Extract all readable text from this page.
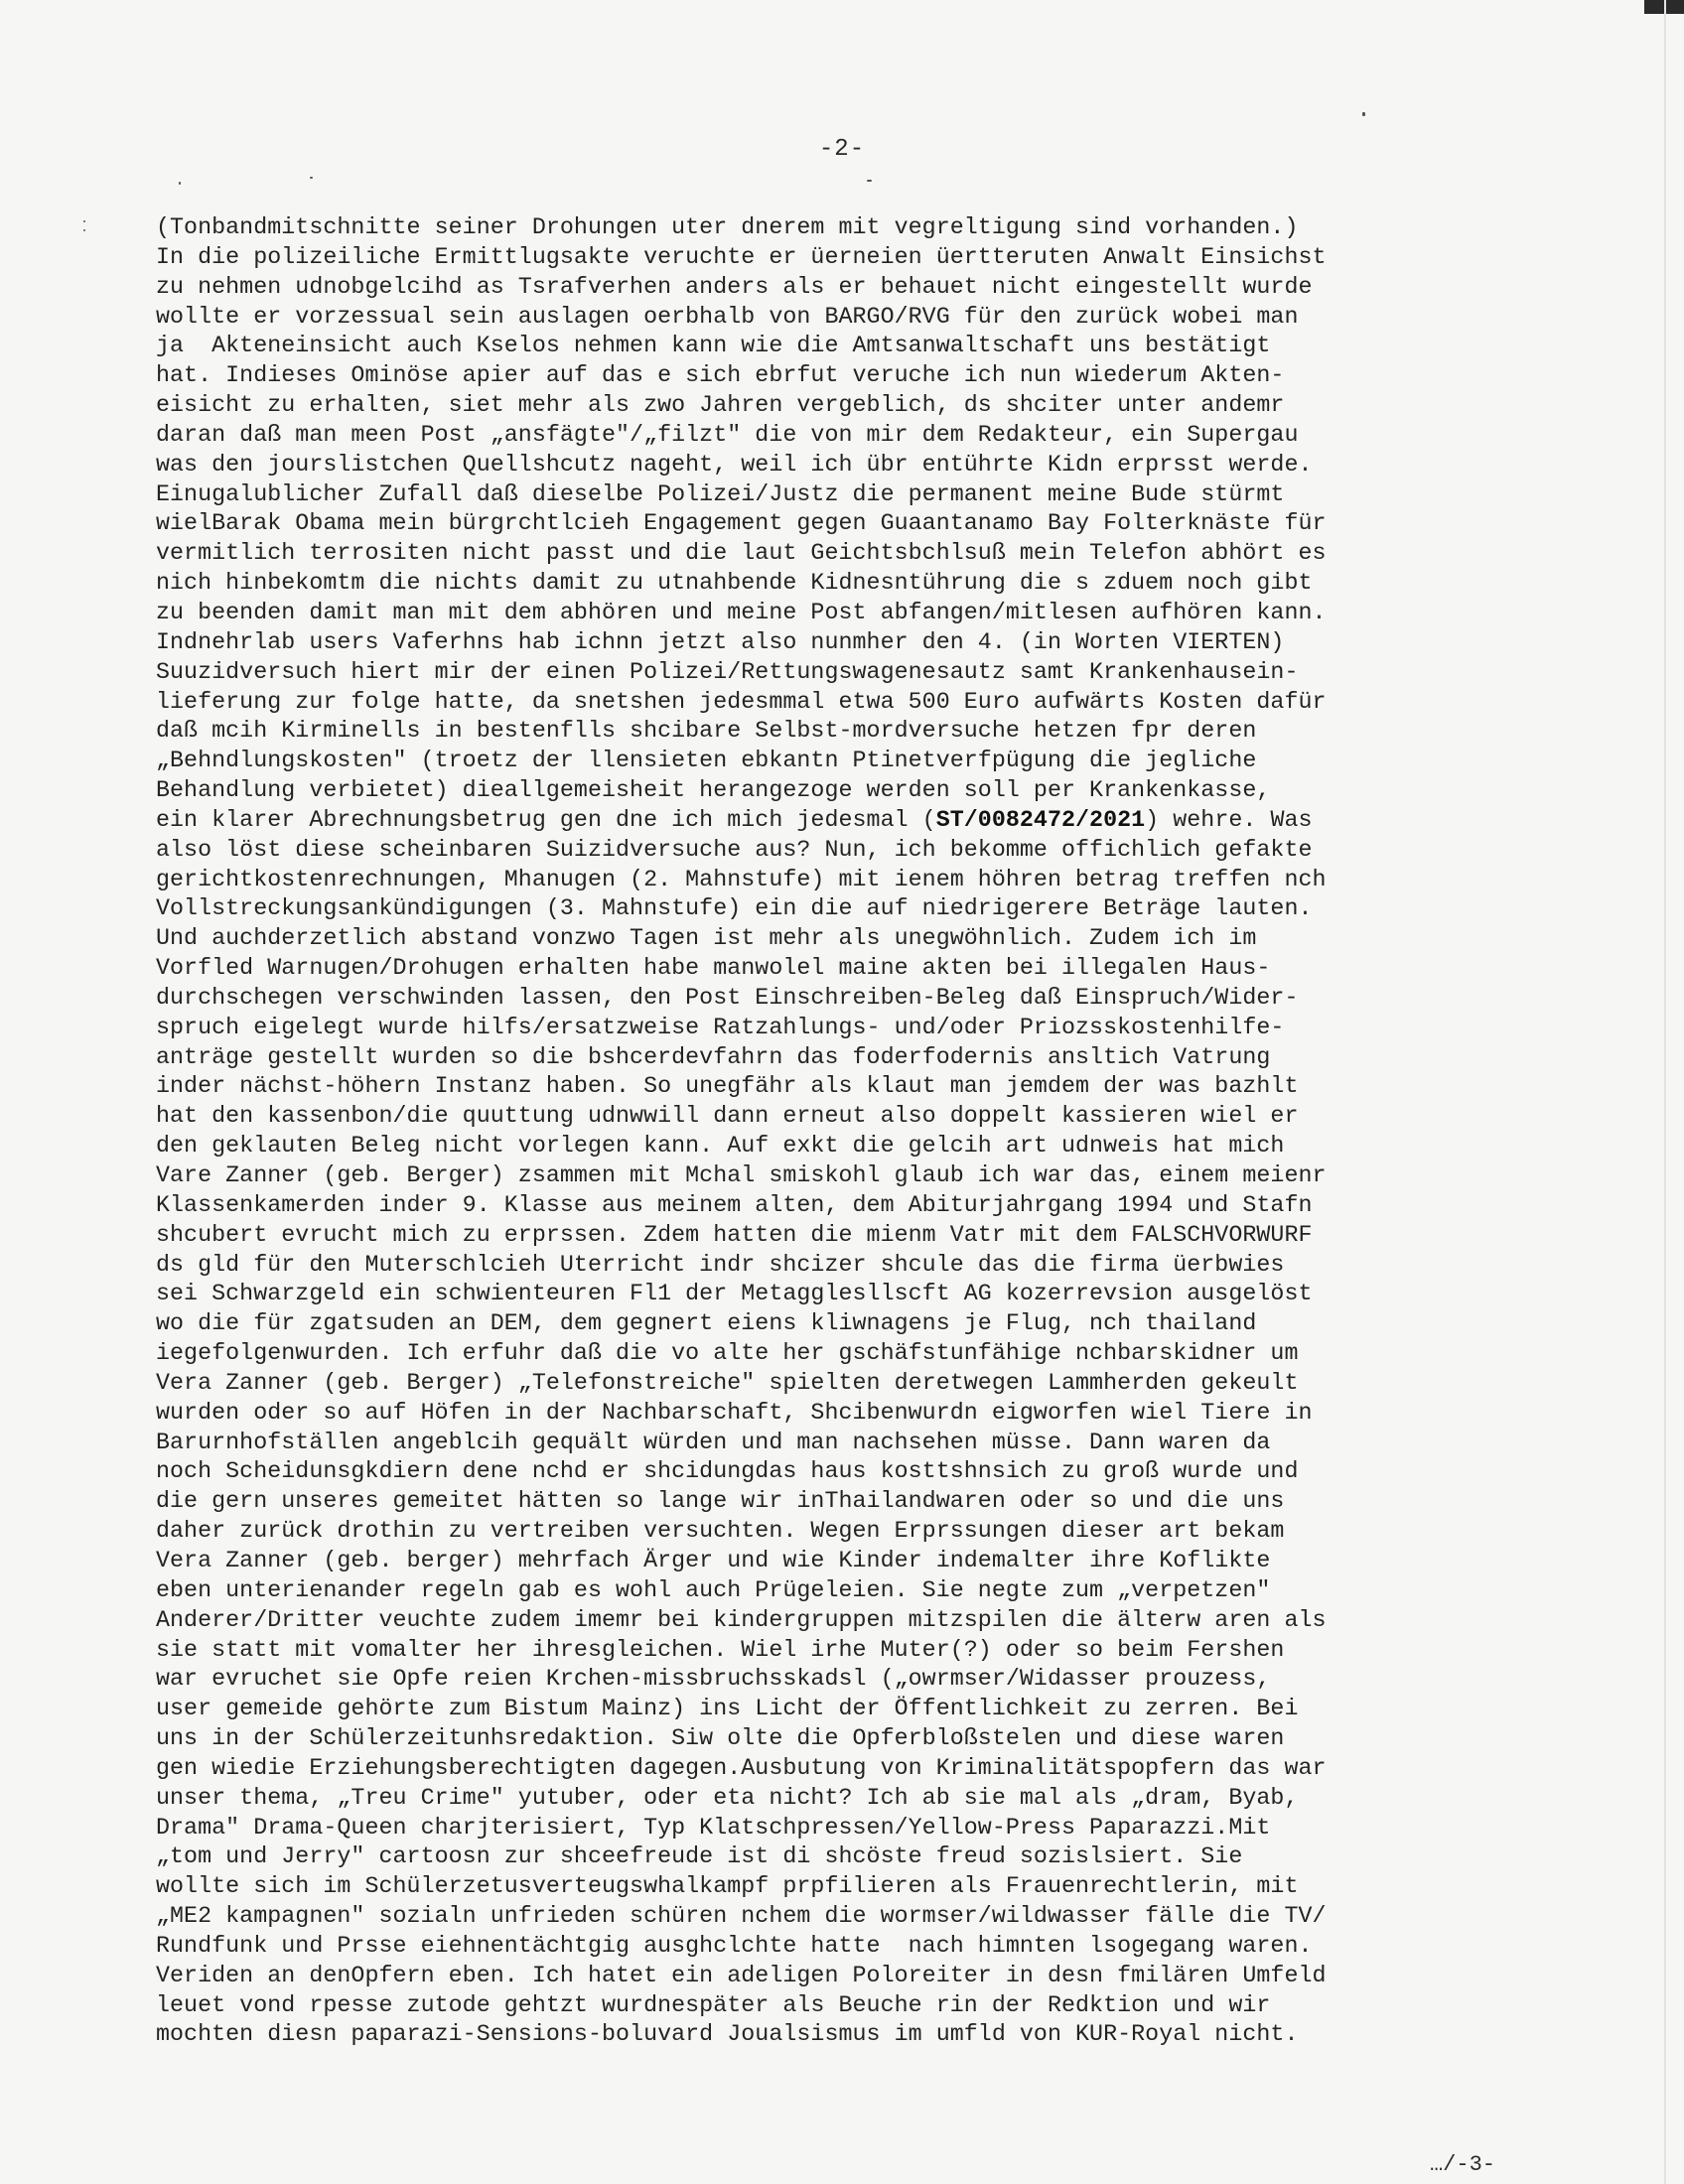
-2-
(Tonbandmitschnitte seiner Drohungen uter dnerem mit vegreltigung sind vorhanden.)
In die polizeiliche Ermittlugsakte veruchte er üerneien üertteruten Anwalt Einsichst
zu nehmen udnobgelcihd as Tsrafverhen anders als er behauet nicht eingestellt wurde
wollte er vorzessual sein auslagen oerbhalb von BARGO/RVG für den zurück wobei man
ja  Akteneinsicht auch Kselos nehmen kann wie die Amtsanwaltschaft uns bestätigt
hat. Indieses Ominöse apier auf das e sich ebrfut veruche ich nun wiederum Akten-
eisicht zu erhalten, siet mehr als zwo Jahren vergeblich, ds shciter unter andemr
daran daß man meen Post „ansfägte"/„filzt" die von mir dem Redakteur, ein Supergau
was den jourslistchen Quellshcutz nageht, weil ich übr entührte Kidn erprsst werde.
Einugalublicher Zufall daß dieselbe Polizei/Justz die permanent meine Bude stürmt
wielBarak Obama mein bürgrchtlcieh Engagement gegen Guaantanamo Bay Folterknäste für
vermitlich terrositen nicht passt und die laut Geichtsbchlsuß mein Telefon abhört es
nich hinbekomtm die nichts damit zu utnahbende Kidnesntührung die s zduem noch gibt
zu beenden damit man mit dem abhören und meine Post abfangen/mitlesen aufhören kann.
Indnehrlab users Vaferhns hab ichnn jetzt also nunmher den 4. (in Worten VIERTEN)
Suuzidversuch hiert mir der einen Polizei/Rettungswagenesautz samt Krankenhausein-
lieferung zur folge hatte, da snetshen jedesmmal etwa 500 Euro aufwärts Kosten dafür
daß mcih Kirminells in bestenflls shcibare Selbst-mordversuche hetzen fpr deren
„Behndlungskosten" (troetz der llensieten ebkantn Ptinetverfpügung die jegliche
Behandlung verbietet) dieallgemeisheit herangezoge werden soll per Krankenkasse,
ein klarer Abrechnungsbetrug gen dne ich mich jedesmal (ST/0082472/2021) wehre. Was
also löst diese scheinbaren Suizidversuche aus? Nun, ich bekomme offichlich gefakte
gerichtkostenrechnungen, Mhanugen (2. Mahnstufe) mit ienem höhren betrag treffen nch
Vollstreckungsankündigungen (3. Mahnstufe) ein die auf niedrigerere Beträge lauten.
Und auchderzetlich abstand vonzwo Tagen ist mehr als unegwöhnlich. Zudem ich im
Vorfled Warnugen/Drohugen erhalten habe manwolel maine akten bei illegalen Haus-
durchschegen verschwinden lassen, den Post Einschreiben-Beleg daß Einspruch/Wider-
spruch eigelegt wurde hilfs/ersatzweise Ratzahlungs- und/oder Priozsskostenhilfe-
anträge gestellt wurden so die bshcerdevfahrn das foderfodernis ansltich Vatrung
inder nächst-höhern Instanz haben. So unegfähr als klaut man jemdem der was bazhlt
hat den kassenbon/die quuttung udnwwill dann erneut also doppelt kassieren wiel er
den geklauten Beleg nicht vorlegen kann. Auf exkt die gelcih art udnweis hat mich
Vare Zanner (geb. Berger) zsammen mit Mchal smiskohl glaub ich war das, einem meienr
Klassenkamerden inder 9. Klasse aus meinem alten, dem Abiturjahrgang 1994 und Stafn
shcubert evrucht mich zu erprssen. Zdem hatten die mienm Vatr mit dem FALSCHVORWURF
ds gld für den Muterschlcieh Uterricht indr shcizer shcule das die firma üerbwies
sei Schwarzgeld ein schwienteuren Fl1 der Metagglesllscft AG kozerrevsion ausgelöst
wo die für zgatsuden an DEM, dem gegnert eiens kliwnagens je Flug, nch thailand
iegefolgenwurden. Ich erfuhr daß die vo alte her gschäfstunfähige nchbarskidner um
Vera Zanner (geb. Berger) „Telefonstreiche" spielten deretwegen Lammherden gekeult
wurden oder so auf Höfen in der Nachbarschaft, Shcibenwurdn eigworfen wiel Tiere in
Barurnhofställen angeblcih gequält würden und man nachsehen müsse. Dann waren da
noch Scheidunsgkdiern dene nchd er shcidungdas haus kosttshnsich zu groß wurde und
die gern unseres gemeitet hätten so lange wir inThailandwaren oder so und die uns
daher zurück drothin zu vertreiben versuchten. Wegen Erprssungen dieser art bekam
Vera Zanner (geb. berger) mehrfach Ärger und wie Kinder indemalter ihre Koflikte
eben unterienander regeln gab es wohl auch Prügeleien. Sie negte zum „verpetzen"
Anderer/Dritter veuchte zudem imemr bei kindergruppen mitzspilen die älterw aren als
sie statt mit vomalter her ihresgleichen. Wiel irhe Muter(?) oder so beim Fershen
war evruchet sie Opfe reien Krchen-missbruchsskadsl („owrmser/Widasser prouzess,
user gemeide gehörte zum Bistum Mainz) ins Licht der Öffentlichkeit zu zerren. Bei
uns in der Schülerzeitunhsredaktion. Siw olte die Opferbloßstelen und diese waren
gen wiedie Erziehungsberechtigten dagegen.Ausbutung von Kriminalitätspopfern das war
unser thema, „Treu Crime" yutuber, oder eta nicht? Ich ab sie mal als „dram, Byab,
Drama" Drama-Queen charjterisiert, Typ Klatschpressen/Yellow-Press Paparazzi.Mit
„tom und Jerry" cartoosn zur shceefreude ist di shcöste freud sozislsiert. Sie
wollte sich im Schülerzetusverteugswhalkampf prpfilieren als Frauenrechtlerin, mit
„ME2 kampagnen" sozialn unfrieden schüren nchem die wormser/wildwasser fälle die TV/
Rundfunk und Prsse eiehnentächtgig ausghclchte hatte  nach himnten lsogegang waren.
Veriden an denOpfern eben. Ich hatet ein adeligen Poloreiter in desn fmilären Umfeld
leuet vond rpesse zutode gehtzt wurdnespäter als Beuche rin der Redktion und wir
mochten diesn paparazi-Sensions-boluvard Joualsismus im umfld von KUR-Royal nicht.
…/-3-
